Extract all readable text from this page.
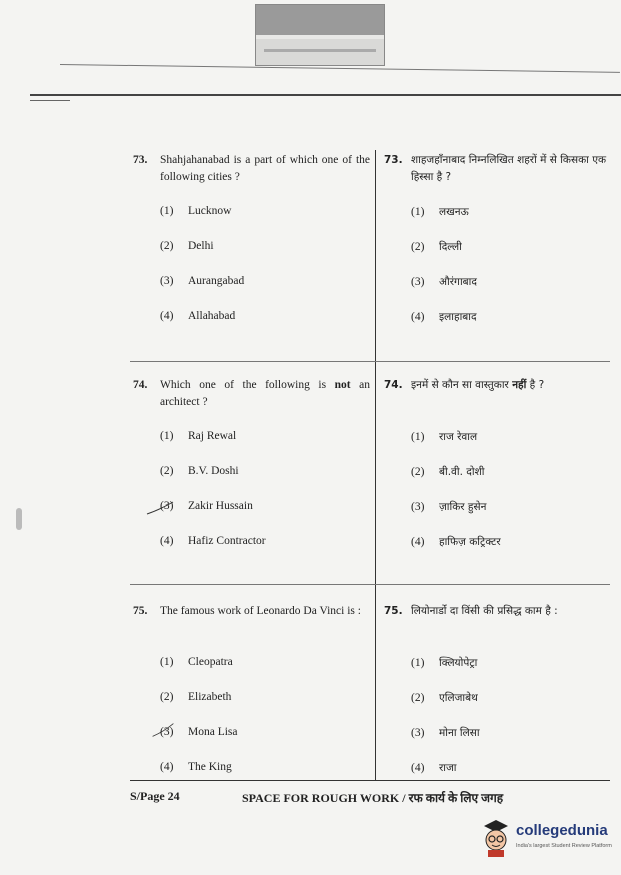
73.	Shahjahanabad is a part of which one of the following cities ?
73. शाहजहाँनाबाद निम्नलिखित शहरों में से किसका एक हिस्सा है ?
(1) Lucknow
(2) Delhi
(3) Aurangabad
(4) Allahabad
(1) लखनऊ
(2) दिल्ली
(3) औरंगाबाद
(4) इलाहाबाद
74.	Which one of the following is not an architect ?
74. इनमें से कौन सा वास्तुकार नहीं है ?
(1) Raj Rewal
(2) B.V. Doshi
(3) Zakir Hussain
(4) Hafiz Contractor
(1) राज रेवाल
(2) बी.वी. दोशी
(3) ज़ाकिर हुसेन
(4) हाफिज़ कट्रिक्टर
75.	The famous work of Leonardo Da Vinci is :	75. लियोनार्डो दा विंसी की प्रसिद्ध काम है :
(1) Cleopatra
(2) Elizabeth
(3) Mona Lisa
(4) The King
(1) क्लियोपेट्रा
(2) एलिजाबेथ
(3) मोना लिसा
(4) राजा
S/Page 24	SPACE FOR ROUGH WORK / रफ कार्य के लिए जगह
collegedunia
India's largest Student Review Platform
